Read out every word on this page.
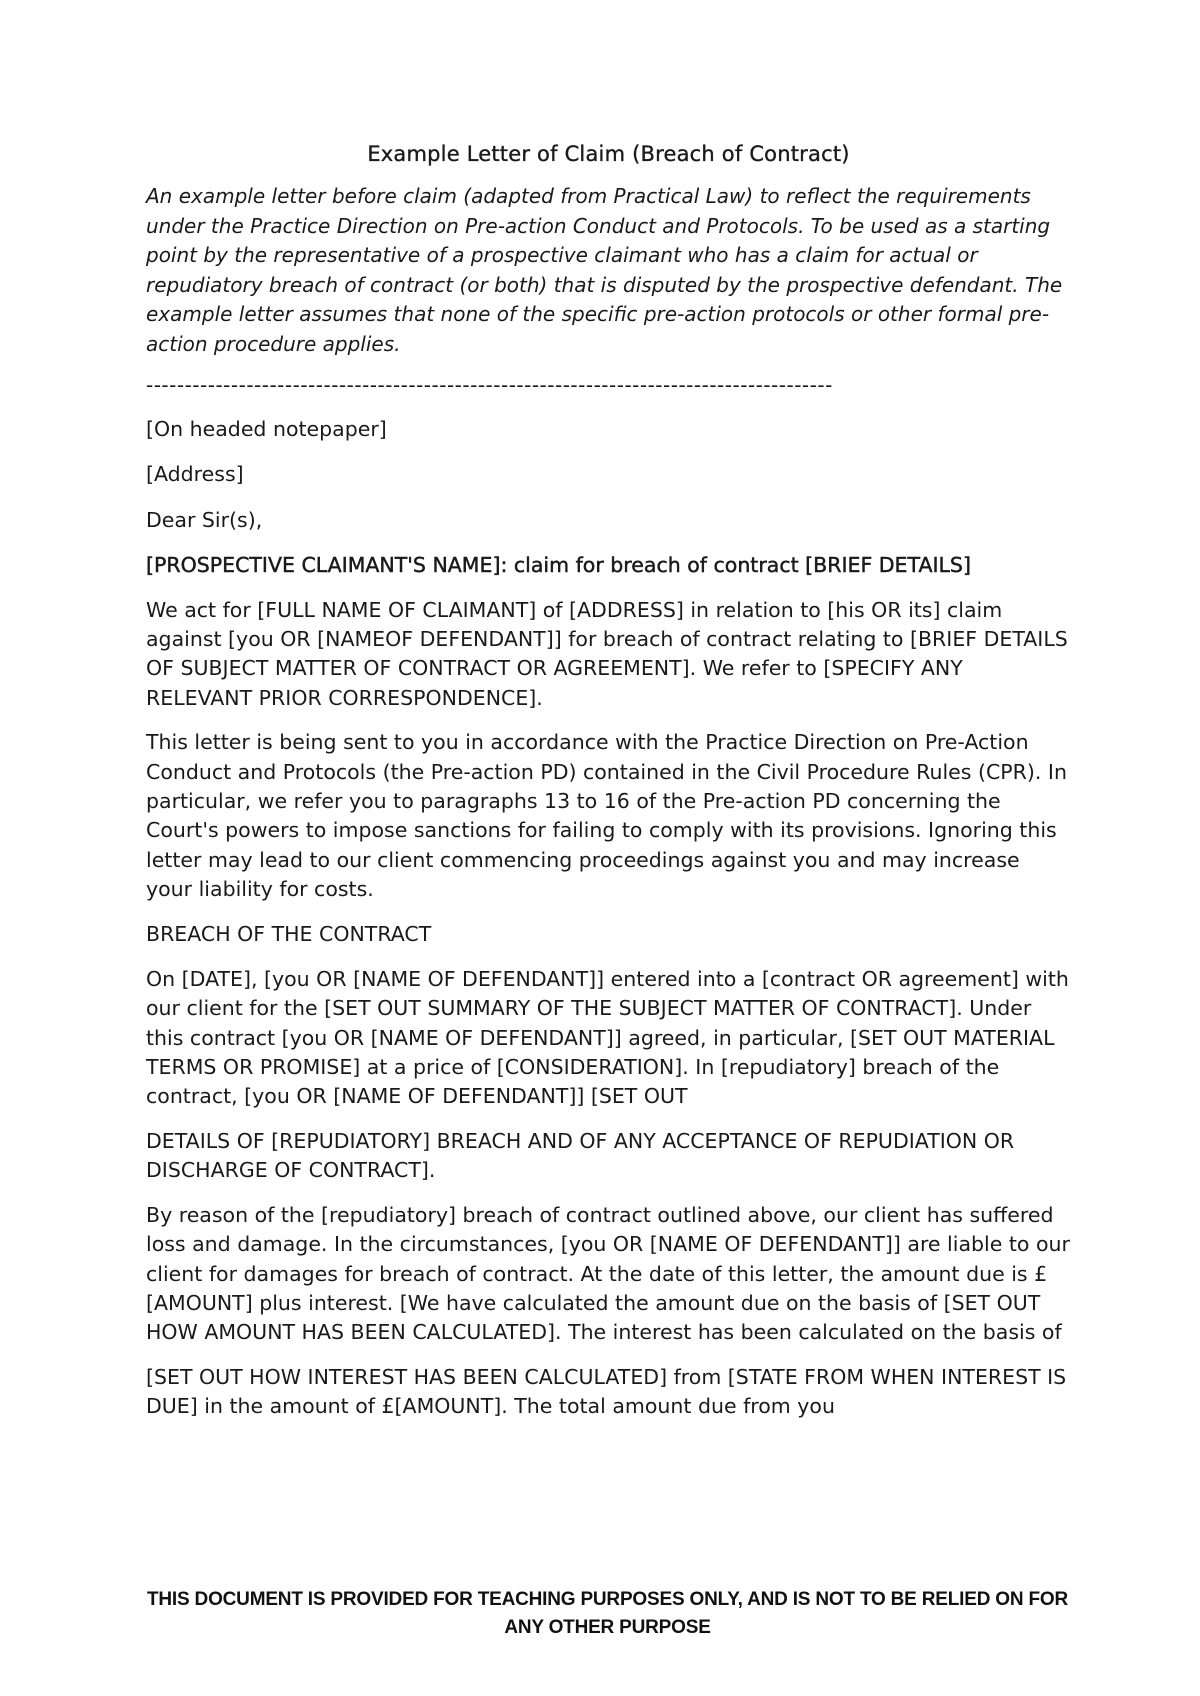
Example Letter of Claim (Breach of Contract)
An example letter before claim (adapted from Practical Law) to reflect the requirements under the Practice Direction on Pre-action Conduct and Protocols. To be used as a starting point by the representative of a prospective claimant who has a claim for actual or repudiatory breach of contract (or both) that is disputed by the prospective defendant. The example letter assumes that none of the specific pre-action protocols or other formal pre-action procedure applies.
-----------------------------------------------------------------------------------------

[On headed notepaper]

[Address]

Dear Sir(s),

[PROSPECTIVE CLAIMANT'S NAME]: claim for breach of contract [BRIEF DETAILS]

We act for [FULL NAME OF CLAIMANT] of [ADDRESS] in relation to [his OR its] claim against [you OR [NAMEOF DEFENDANT]] for breach of contract relating to [BRIEF DETAILS OF SUBJECT MATTER OF CONTRACT OR AGREEMENT]. We refer to [SPECIFY ANY RELEVANT PRIOR CORRESPONDENCE].

This letter is being sent to you in accordance with the Practice Direction on Pre-Action Conduct and Protocols (the Pre-action PD) contained in the Civil Procedure Rules (CPR). In particular, we refer you to paragraphs 13 to 16 of the Pre-action PD concerning the Court's powers to impose sanctions for failing to comply with its provisions. Ignoring this letter may lead to our client commencing proceedings against you and may increase your liability for costs.

BREACH OF THE CONTRACT

On [DATE], [you OR [NAME OF DEFENDANT]] entered into a [contract OR agreement] with our client for the [SET OUT SUMMARY OF THE SUBJECT MATTER OF CONTRACT]. Under this contract [you OR [NAME OF DEFENDANT]] agreed, in particular, [SET OUT MATERIAL TERMS OR PROMISE] at a price of [CONSIDERATION]. In [repudiatory] breach of the contract, [you OR [NAME OF DEFENDANT]] [SET OUT

DETAILS OF [REPUDIATORY] BREACH AND OF ANY ACCEPTANCE OF REPUDIATION OR DISCHARGE OF CONTRACT].

By reason of the [repudiatory] breach of contract outlined above, our client has suffered loss and damage. In the circumstances, [you OR [NAME OF DEFENDANT]] are liable to our client for damages for breach of contract. At the date of this letter, the amount due is £[AMOUNT] plus interest. [We have calculated the amount due on the basis of [SET OUT HOW AMOUNT HAS BEEN CALCULATED]. The interest has been calculated on the basis of

[SET OUT HOW INTEREST HAS BEEN CALCULATED] from [STATE FROM WHEN INTEREST IS DUE] in the amount of £[AMOUNT]. The total amount due from you

THIS DOCUMENT IS PROVIDED FOR TEACHING PURPOSES ONLY, AND IS NOT TO BE RELIED ON FOR ANY OTHER PURPOSE
